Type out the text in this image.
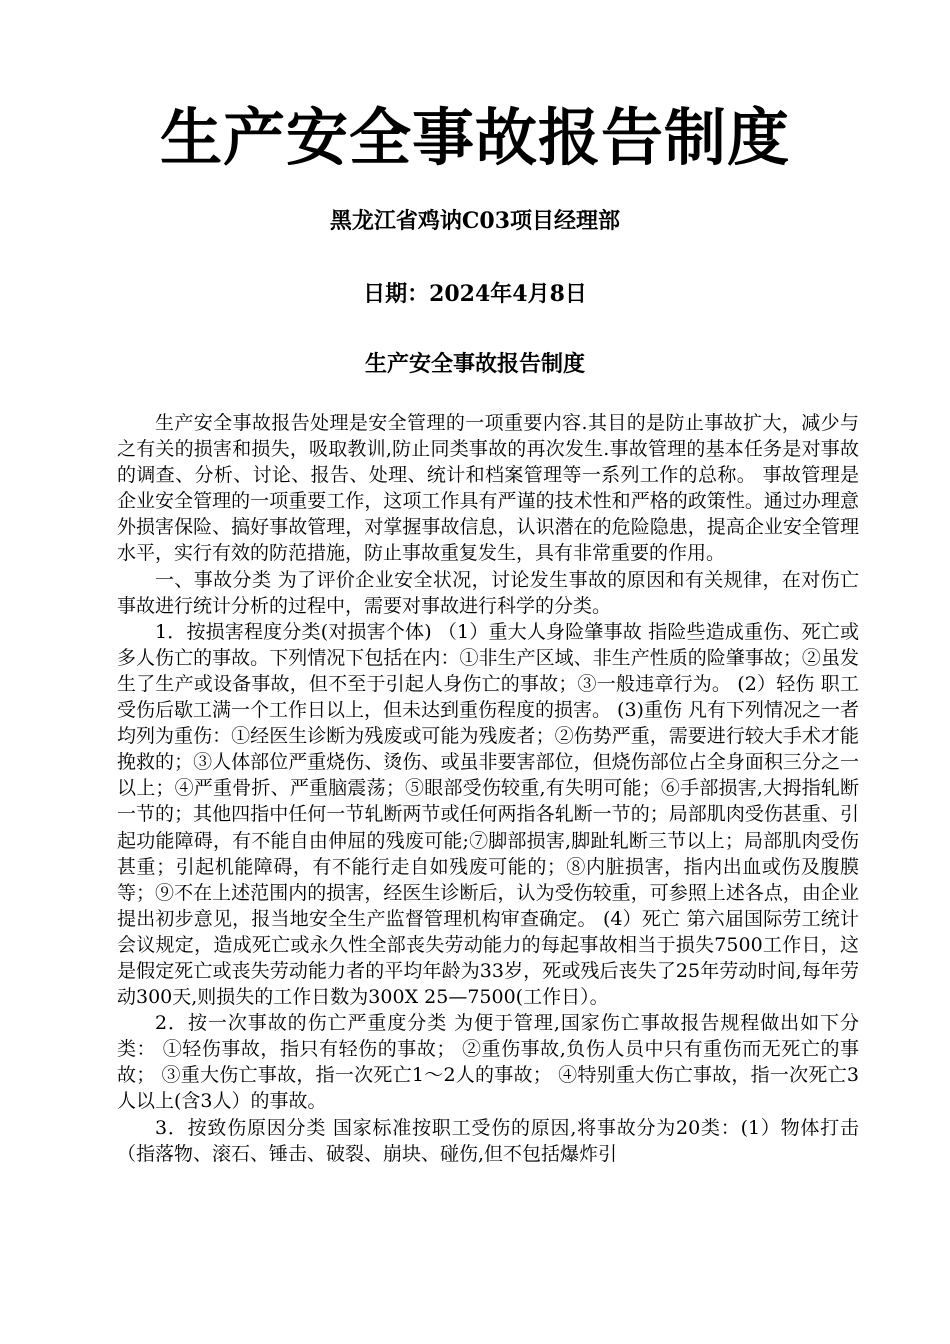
生产安全事故报告制度
黑龙江省鸡讷C03项目经理部
日期：2024年4月8日
生产安全事故报告制度

生产安全事故报告处理是安全管理的一项重要内容.其目的是防止事故扩大，减少与之有关的损害和损失，吸取教训,防止同类事故的再次发生.事故管理的基本任务是对事故的调查、分析、讨论、报告、处理、统计和档案管理等一系列工作的总称。 事故管理是企业安全管理的一项重要工作，这项工作具有严谨的技术性和严格的政策性。通过办理意外损害保险、搞好事故管理，对掌握事故信息，认识潜在的危险隐患，提高企业安全管理水平，实行有效的防范措施，防止事故重复发生，具有非常重要的作用。

一、事故分类 为了评价企业安全状况，讨论发生事故的原因和有关规律，在对伤亡事故进行统计分析的过程中，需要对事故进行科学的分类。

1．按损害程度分类(对损害个体) （1）重大人身险肇事故 指险些造成重伤、死亡或多人伤亡的事故。下列情况下包括在内：①非生产区域、非生产性质的险肇事故；②虽发生了生产或设备事故，但不至于引起人身伤亡的事故；③一般违章行为。 (2）轻伤 职工受伤后歇工满一个工作日以上，但未达到重伤程度的损害。 (3)重伤 凡有下列情况之一者均列为重伤：①经医生诊断为残废或可能为残废者；②伤势严重，需要进行较大手术才能挽救的；③人体部位严重烧伤、烫伤、或虽非要害部位，但烧伤部位占全身面积三分之一以上；④严重骨折、严重脑震荡；⑤眼部受伤较重,有失明可能；⑥手部损害,大拇指轧断一节的；其他四指中任何一节轧断两节或任何两指各轧断一节的；局部肌肉受伤甚重、引起功能障碍，有不能自由伸屈的残废可能;⑦脚部损害,脚趾轧断三节以上；局部肌肉受伤甚重；引起机能障碍，有不能行走自如残废可能的；⑧内脏损害，指内出血或伤及腹膜等；⑨不在上述范围内的损害，经医生诊断后，认为受伤较重，可参照上述各点，由企业提出初步意见，报当地安全生产监督管理机构审查确定。 (4）死亡 第六届国际劳工统计会议规定，造成死亡或永久性全部丧失劳动能力的每起事故相当于损失7500工作日，这是假定死亡或丧失劳动能力者的平均年龄为33岁，死或残后丧失了25年劳动时间,每年劳动300天,则损失的工作日数为300X 25—7500(工作日）。

2．按一次事故的伤亡严重度分类 为便于管理,国家伤亡事故报告规程做出如下分类： ①轻伤事故，指只有轻伤的事故； ②重伤事故,负伤人员中只有重伤而无死亡的事故； ③重大伤亡事故，指一次死亡1～2人的事故； ④特别重大伤亡事故，指一次死亡3人以上(含3人）的事故。

3．按致伤原因分类 国家标准按职工受伤的原因,将事故分为20类：(1）物体打击（指落物、滚石、锤击、破裂、崩块、碰伤,但不包括爆炸引
